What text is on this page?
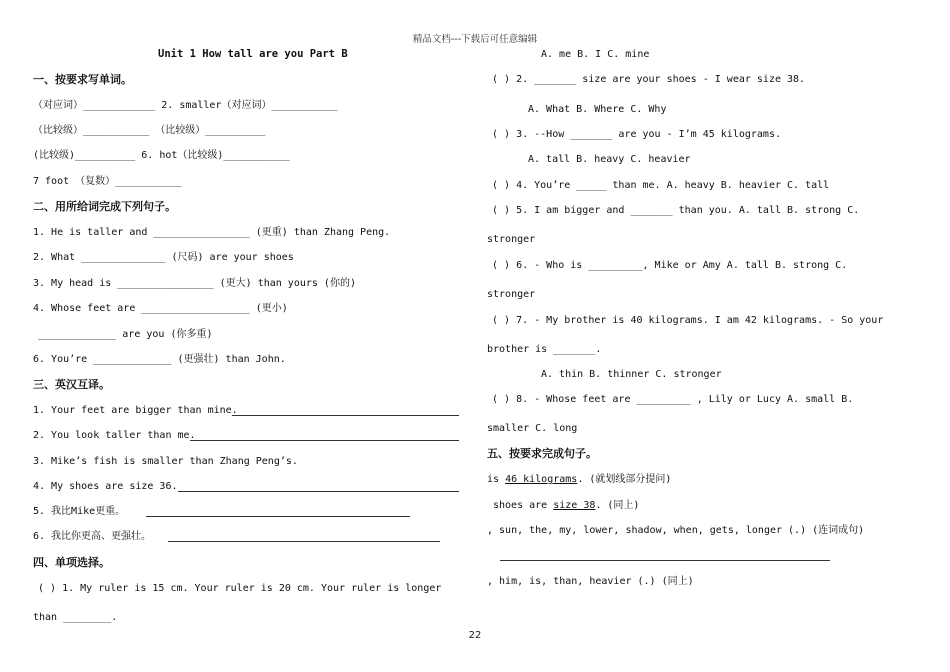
精品文档---下载后可任意编辑
Unit 1 How tall are you Part B
一、按要求写单词。
（对应词）____________ 2. smaller（对应词）___________
（比较级）___________ （比较级）__________
(比较级)__________ 6. hot（比较级)___________
7 foot （复数）___________
二、用所给词完成下列句子。
1. He is taller and ________________ (更重) than Zhang Peng.
2. What ______________ (尺码) are your shoes
3. My head is ________________ (更大) than yours (你的)
4. Whose feet are __________________ (更小)
_____________ are you (你多重)
6. You’re _____________ (更强壮) than John.
三、英汉互译。
1. Your feet are bigger than mine.
2. You look taller than me.
3. Mike’s fish is smaller than Zhang Peng’s.
4. My shoes are size 36.
5. 我比Mike更重。
6. 我比你更高、更强壮。
四、单项选择。
( ) 1. My ruler is 15 cm. Your ruler is 20 cm. Your ruler is longer
than ________.
A. me B. I C. mine
( ) 2. _______ size are your shoes - I wear size 38.
A. What B. Where C. Why
( ) 3. --How _______ are you - I’m 45 kilograms.
A. tall B. heavy C. heavier
( ) 4. You’re _____ than me. A. heavy B. heavier C. tall
( ) 5. I am bigger and _______ than you. A. tall B. strong C.
stronger
( ) 6. - Who is _________, Mike or Amy A. tall B. strong C.
stronger
( ) 7. - My brother is 40 kilograms. I am 42 kilograms. - So your
brother is _______.
A. thin B. thinner C. stronger
( ) 8. - Whose feet are _________ , Lily or Lucy A. small B.
smaller C. long
五、按要求完成句子。
is 46 kilograms. (就划线部分提问)
shoes are size 38. (同上)
, sun, the, my, lower, shadow, when, gets, longer (.) (连词成句)
, him, is, than, heavier (.) (同上)
22
